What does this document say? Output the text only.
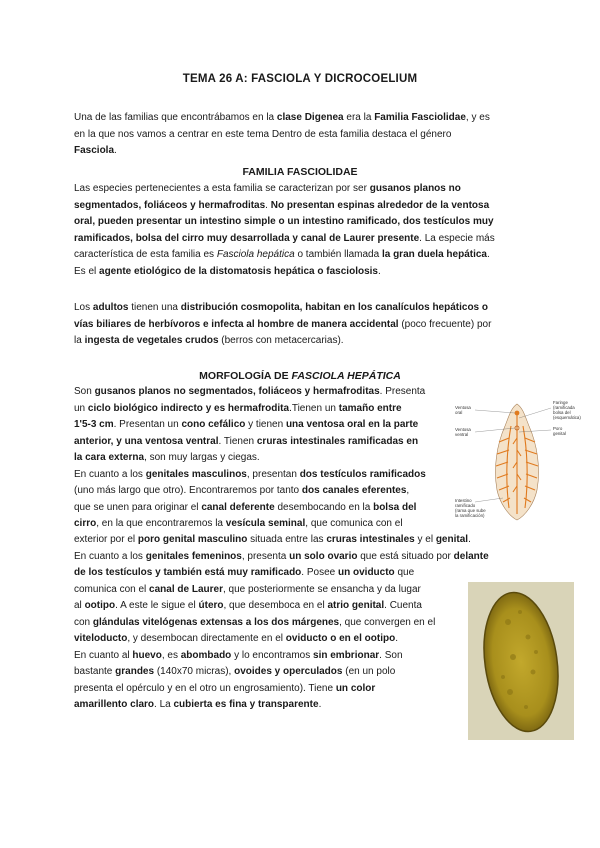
TEMA 26 A: FASCIOLA Y DICROCOELIUM

Una de las familias que encontrábamos en la clase Digenea era la Familia Fasciolidae, y es
en la que nos vamos a centrar en este tema Dentro de esta familia destaca el género
Fasciola.

FAMILIA FASCIOLIDAE

Las especies pertenecientes a esta familia se caracterizan por ser gusanos planos no
segmentados, foliáceos y hermafroditas. No presentan espinas alrededor de la ventosa
oral, pueden presentar un intestino simple o un intestino ramificado, dos testículos muy
ramificados, bolsa del cirro muy desarrollada y canal de Laurer presente. La especie más
característica de esta familia es Fasciola hepática o también llamada la gran duela hepática.
Es el agente etiológico de la distomatosis hepática o fasciolosis.

Los adultos tienen una distribución cosmopolita, habitan en los canalículos hepáticos o
vías biliares de herbívoros e infecta al hombre de manera accidental (poco frecuente) por
la ingesta de vegetales crudos (berros con metacercarias).

MORFOLOGÍA DE FASCIOLA HEPÁTICA

Son gusanos planos no segmentados, foliáceos y hermafroditas. Presenta
un ciclo biológico indirecto y es hermafrodita.Tienen un tamaño entre
1'5-3 cm. Presentan un cono cefálico y tienen una ventosa oral en la parte
anterior, y una ventosa ventral. Tienen cruras intestinales ramificadas en
la cara externa, son muy largas y ciegas.
En cuanto a los genitales masculinos, presentan dos testículos ramificados
(uno más largo que otro). Encontraremos por tanto dos canales eferentes,
que se unen para originar el canal deferente desembocando en la bolsa del
cirro, en la que encontraremos la vesícula seminal, que comunica con el

exterior por el poro genital masculino situada entre las cruras intestinales y el genital.
En cuanto a los genitales femeninos, presenta un solo ovario que está situado por delante

de los testículos y también está muy ramificado. Posee un oviducto que
comunica con el canal de Laurer, que posteriormente se ensancha y da lugar
al ootipo. A este le sigue el útero, que desemboca en el atrio genital. Cuenta
con glándulas vitelógenas extensas a los dos márgenes, que convergen en el
viteloducto, y desembocan directamente en el oviducto o en el ootipo.
En cuanto al huevo, es abombado y lo encontramos sin embrionar. Son
bastante grandes (140x70 micras), ovoides y operculados (en un polo
presenta el opérculo y en el otro un engrosamiento). Tiene un color
amarillento claro. La cubierta es fina y transparente.

Ventosa
oral
Ventosa
ventral
Faringe
(ramificada
bolsa del
(esquemática)
Poro
genital
Intestino
ramificado
(rama que sube
la ramificación)
